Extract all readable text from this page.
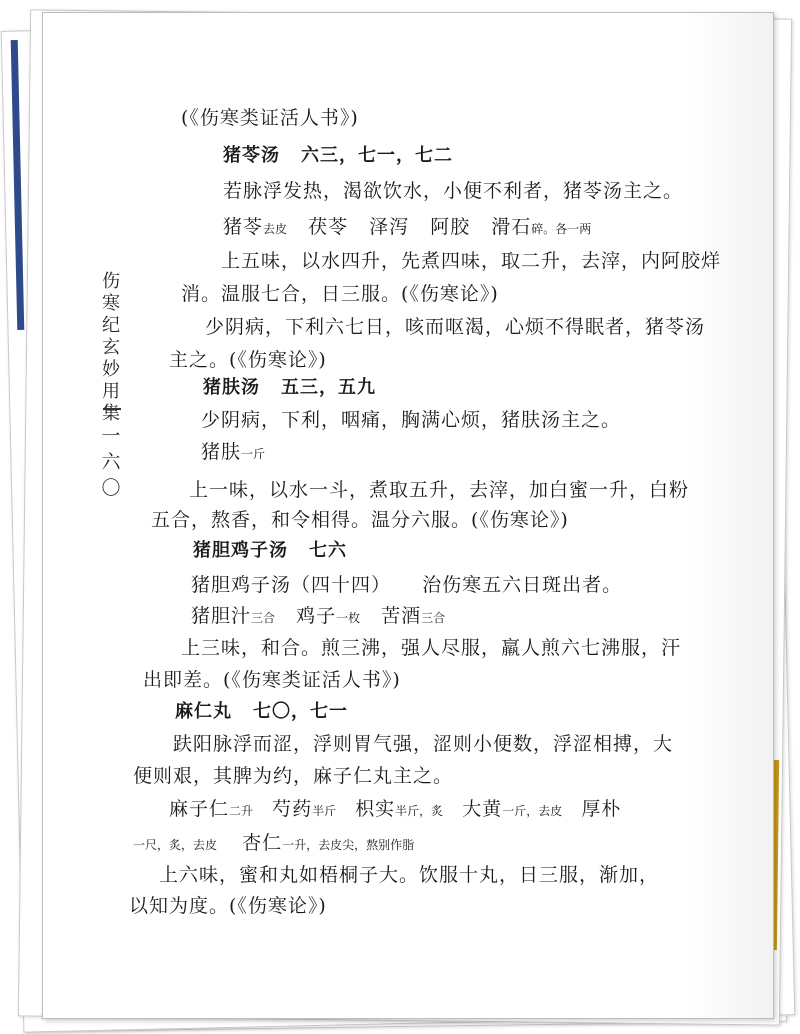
伤寒纪玄妙用集
一六〇
(《伤寒类证活人书》)
猪苓汤 六三，七一，七二
若脉浮发热，渴欲饮水，小便不利者，猪苓汤主之。
猪苓去皮 茯苓 泽泻 阿胶 滑石碎。各一两
上五味，以水四升，先煮四味，取二升，去滓，内阿胶烊
消。温服七合，日三服。(《伤寒论》)
少阴病，下利六七日，咳而呕渴，心烦不得眠者，猪苓汤
主之。(《伤寒论》)
猪肤汤 五三，五九
少阴病，下利，咽痛，胸满心烦，猪肤汤主之。
猪肤一斤
上一味，以水一斗，煮取五升，去滓，加白蜜一升，白粉
五合，熬香，和令相得。温分六服。(《伤寒论》)
猪胆鸡子汤 七六
猪胆鸡子汤（四十四） 治伤寒五六日斑出者。
猪胆汁三合 鸡子一枚 苦酒三合
上三味，和合。煎三沸，强人尽服，羸人煎六七沸服，汗
出即差。(《伤寒类证活人书》)
麻仁丸 七〇，七一
趺阳脉浮而涩，浮则胃气强，涩则小便数，浮涩相搏，大
便则艰，其脾为约，麻子仁丸主之。
麻子仁二升 芍药半斤 枳实半斤，炙 大黄一斤，去皮 厚朴
一尺，炙，去皮 杏仁一升，去皮尖，熬别作脂
上六味，蜜和丸如梧桐子大。饮服十丸，日三服，渐加，
以知为度。(《伤寒论》)
